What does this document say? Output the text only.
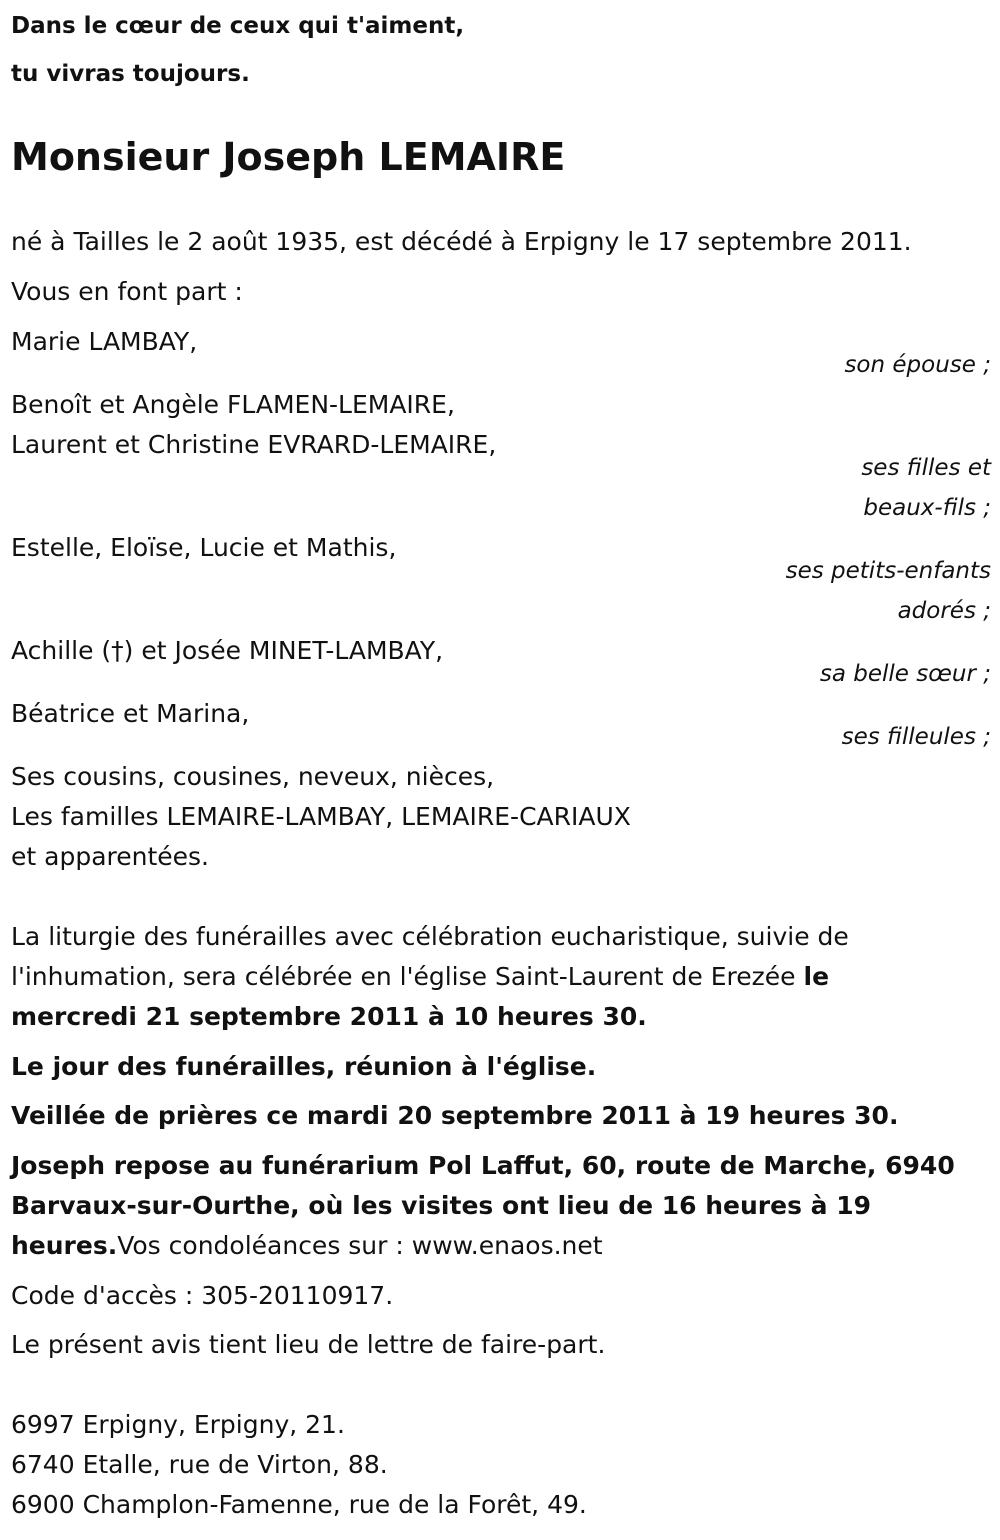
Dans le cœur de ceux qui t'aiment,
tu vivras toujours.
Monsieur Joseph LEMAIRE
né à Tailles le 2 août 1935, est décédé à Erpigny le 17 septembre 2011.
Vous en font part :
Marie LAMBAY,
son épouse ;
Benoît et Angèle FLAMEN-LEMAIRE,
Laurent et Christine EVRARD-LEMAIRE,
ses filles et
beaux-fils ;
Estelle, Eloïse, Lucie et Mathis,
ses petits-enfants
adorés ;
Achille (†) et Josée MINET-LAMBAY,
sa belle sœur ;
Béatrice et Marina,
ses filleules ;
Ses cousins, cousines, neveux, nièces,
Les familles LEMAIRE-LAMBAY, LEMAIRE-CARIAUX
et apparentées.
La liturgie des funérailles avec célébration eucharistique, suivie de
l'inhumation, sera célébrée en l'église Saint-Laurent de Erezée le
mercredi 21 septembre 2011 à 10 heures 30.
Le jour des funérailles, réunion à l'église.
Veillée de prières ce mardi 20 septembre 2011 à 19 heures 30.
Joseph repose au funérarium Pol Laffut, 60, route de Marche, 6940
Barvaux-sur-Ourthe, où les visites ont lieu de 16 heures à 19
heures.Vos condoléances sur : www.enaos.net
Code d'accès : 305-20110917.
Le présent avis tient lieu de lettre de faire-part.
6997 Erpigny, Erpigny, 21.
6740 Etalle, rue de Virton, 88.
6900 Champlon-Famenne, rue de la Forêt, 49.
